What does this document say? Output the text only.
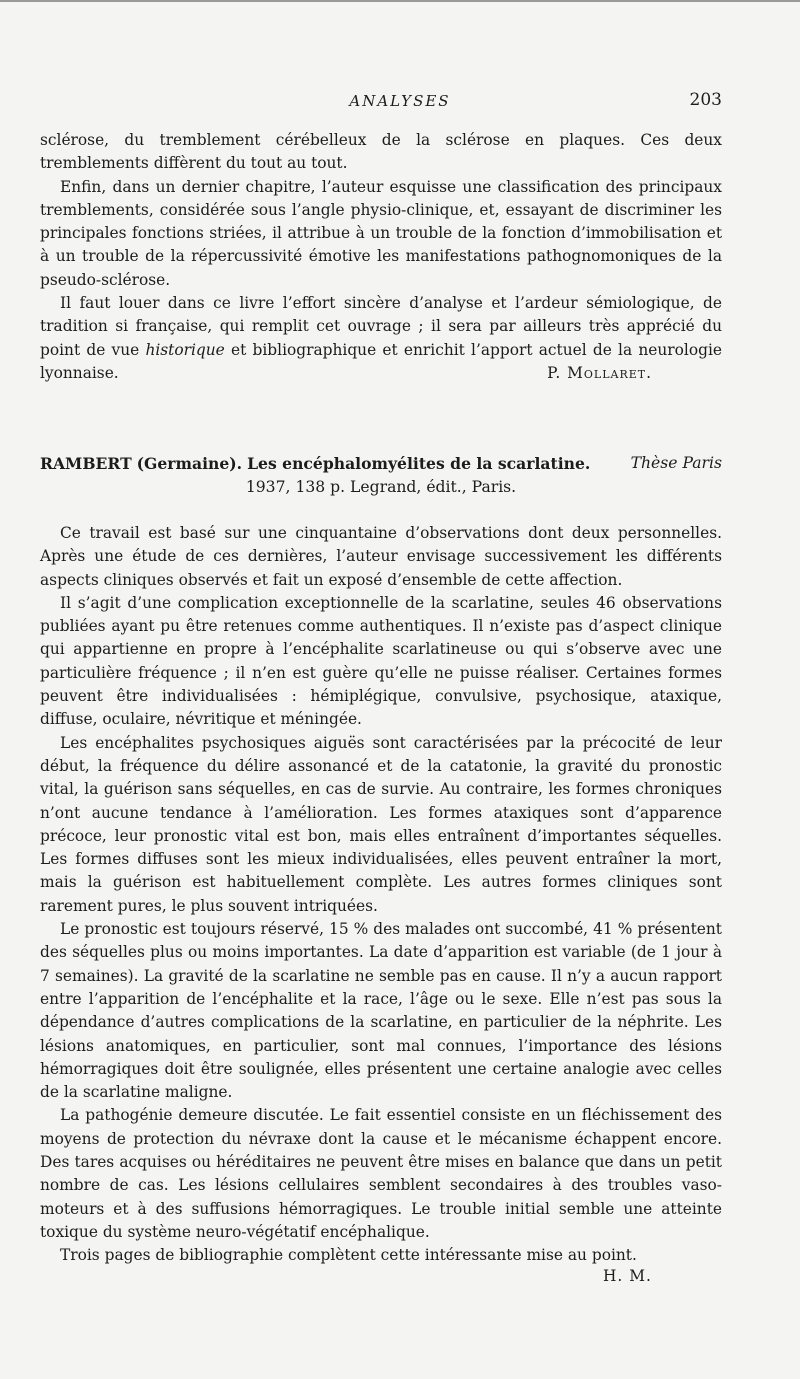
ANALYSES	203

sclérose, du tremblement cérébelleux de la sclérose en plaques. Ces deux tremblements diffèrent du tout au tout.

Enfin, dans un dernier chapitre, l’auteur esquisse une classification des principaux tremblements, considérée sous l’angle physio-clinique, et, essayant de discriminer les principales fonctions striées, il attribue à un trouble de la fonction d’immobilisation et à un trouble de la répercussivité émotive les manifestations pathognomoniques de la pseudo-sclérose.

Il faut louer dans ce livre l’effort sincère d’analyse et l’ardeur sémiologique, de tradition si française, qui remplit cet ouvrage ; il sera par ailleurs très apprécié du point de vue historique et bibliographique et enrichit l’apport actuel de la neurologie lyonnaise.	P. Mollaret.

RAMBERT (Germaine). Les encéphalomyélites de la scarlatine.	Thèse Paris
1937, 138 p. Legrand, édit., Paris.

Ce travail est basé sur une cinquantaine d’observations dont deux personnelles. Après une étude de ces dernières, l’auteur envisage successivement les différents aspects cliniques observés et fait un exposé d’ensemble de cette affection.

Il s’agit d’une complication exceptionnelle de la scarlatine, seules 46 observations publiées ayant pu être retenues comme authentiques. Il n’existe pas d’aspect clinique qui appartienne en propre à l’encéphalite scarlatineuse ou qui s’observe avec une particulière fréquence ; il n’en est guère qu’elle ne puisse réaliser. Certaines formes peuvent être individualisées : hémiplégique, convulsive, psychosique, ataxique, diffuse, oculaire, névritique et méningée.

Les encéphalites psychosiques aiguës sont caractérisées par la précocité de leur début, la fréquence du délire assonancé et de la catatonie, la gravité du pronostic vital, la guérison sans séquelles, en cas de survie. Au contraire, les formes chroniques n’ont aucune tendance à l’amélioration. Les formes ataxiques sont d’apparence précoce, leur pronostic vital est bon, mais elles entraînent d’importantes séquelles. Les formes diffuses sont les mieux individualisées, elles peuvent entraîner la mort, mais la guérison est habituellement complète. Les autres formes cliniques sont rarement pures, le plus souvent intriquées.

Le pronostic est toujours réservé, 15 % des malades ont succombé, 41 % présentent des séquelles plus ou moins importantes. La date d’apparition est variable (de 1 jour à 7 semaines). La gravité de la scarlatine ne semble pas en cause. Il n’y a aucun rapport entre l’apparition de l’encéphalite et la race, l’âge ou le sexe. Elle n’est pas sous la dépendance d’autres complications de la scarlatine, en particulier de la néphrite. Les lésions anatomiques, en particulier, sont mal connues, l’importance des lésions hémorragiques doit être soulignée, elles présentent une certaine analogie avec celles de la scarlatine maligne.

La pathogénie demeure discutée. Le fait essentiel consiste en un fléchissement des moyens de protection du névraxe dont la cause et le mécanisme échappent encore. Des tares acquises ou héréditaires ne peuvent être mises en balance que dans un petit nombre de cas. Les lésions cellulaires semblent secondaires à des troubles vaso-moteurs et à des suffusions hémorragiques. Le trouble initial semble une atteinte toxique du système neuro-végétatif encéphalique.

Trois pages de bibliographie complètent cette intéressante mise au point.

H. M.
